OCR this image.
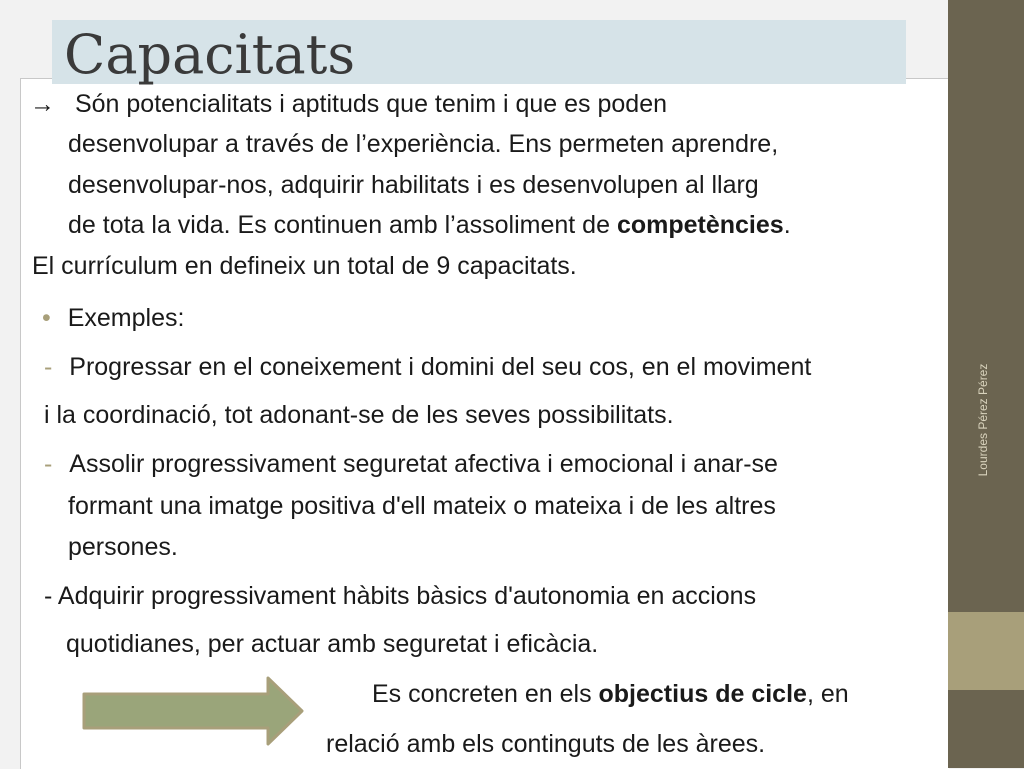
Lourdes Pérez Pérez
Capacitats
→ Són potencialitats i aptituds que tenim i que es poden
desenvolupar a través de l’experiència. Ens permeten aprendre,
desenvolupar-nos, adquirir habilitats i es desenvolupen al llarg
de tota la vida. Es continuen amb l’assoliment de competències.
El currículum en defineix un total de 9 capacitats.
• Exemples:
- Progressar en el coneixement i domini del seu cos, en el moviment
i la coordinació, tot adonant-se de les seves possibilitats.
- Assolir progressivament seguretat afectiva i emocional i anar-se
formant una imatge positiva d'ell mateix o mateixa i de les altres
persones.
- Adquirir progressivament hàbits bàsics d'autonomia en accions
quotidianes, per actuar amb seguretat i eficàcia.
Es concreten en els objectius de cicle, en
relació amb els continguts de les àrees.
